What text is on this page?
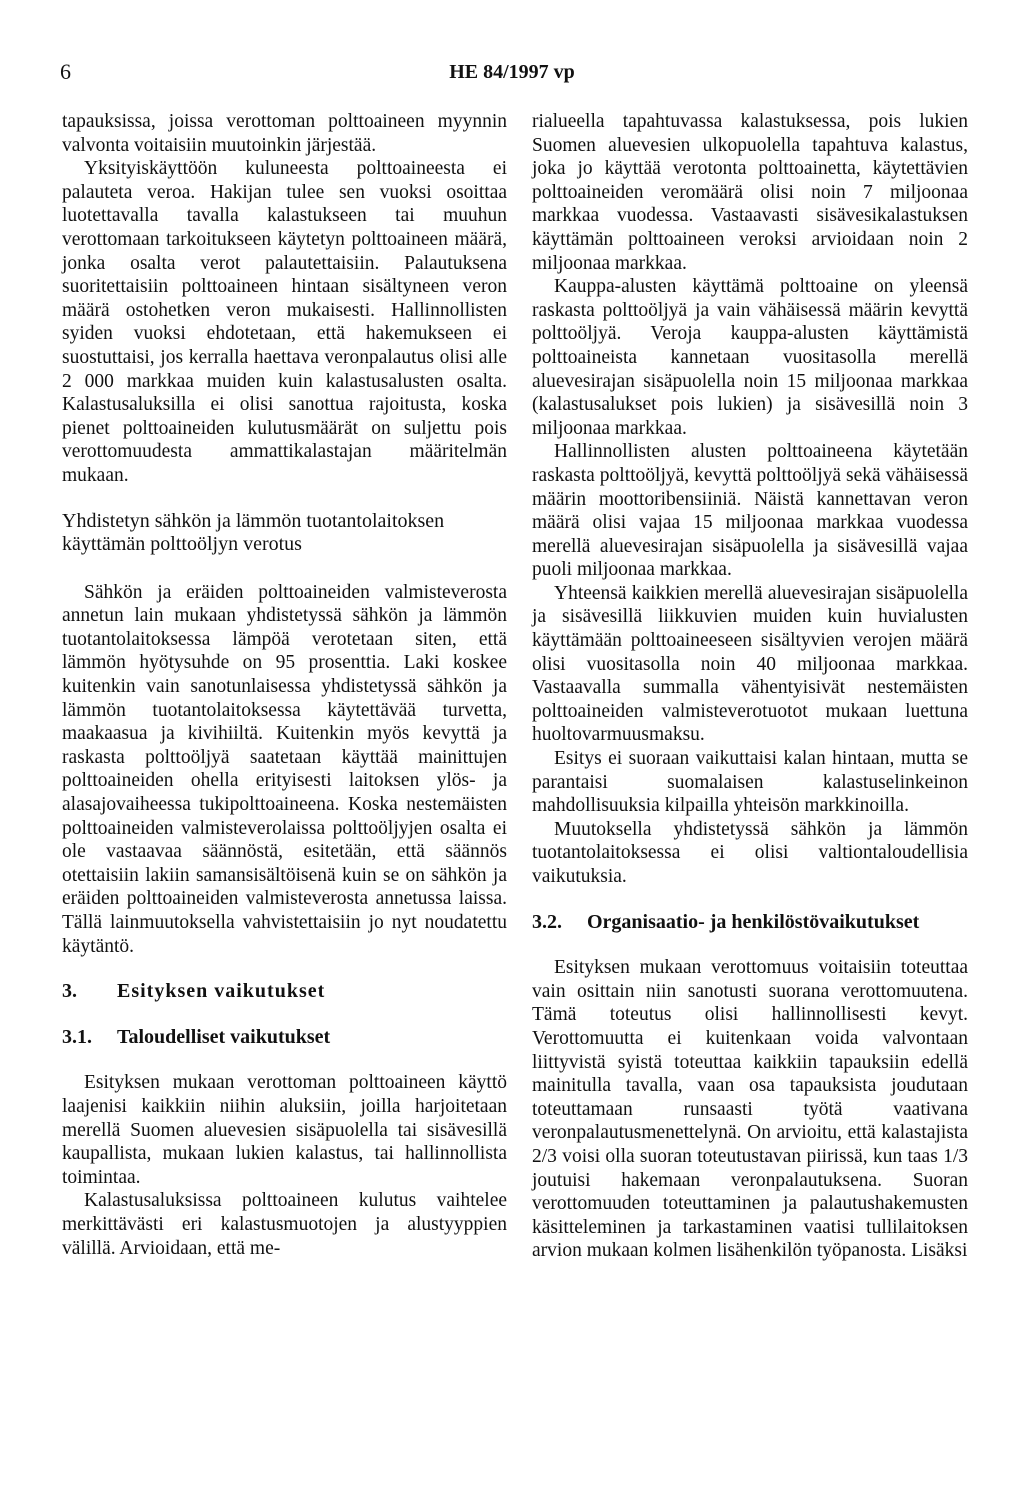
6	HE 84/1997 vp

tapauksissa, joissa verottoman polttoaineen myynnin valvonta voitaisiin muutoinkin järjestää.

Yksityiskäyttöön kuluneesta polttoaineesta ei palauteta veroa. Hakijan tulee sen vuoksi osoittaa luotettavalla tavalla kalastukseen tai muuhun verottomaan tarkoitukseen käytetyn polttoaineen määrä, jonka osalta verot palautettaisiin. Palautuksena suoritettaisiin polttoaineen hintaan sisältyneen veron määrä ostohetken veron mukaisesti. Hallinnollisten syiden vuoksi ehdotetaan, että hakemukseen ei suostuttaisi, jos kerralla haettava veronpalautus olisi alle 2 000 markkaa muiden kuin kalastusalusten osalta. Kalastusaluksilla ei olisi sanottua rajoitusta, koska pienet polttoaineiden kulutusmäärät on suljettu pois verottomuudesta ammattikalastajan määritelmän mukaan.

Yhdistetyn sähkön ja lämmön tuotantolaitoksen käyttämän polttoöljyn verotus

Sähkön ja eräiden polttoaineiden valmisteverosta annetun lain mukaan yhdistetyssä sähkön ja lämmön tuotantolaitoksessa lämpöä verotetaan siten, että lämmön hyötysuhde on 95 prosenttia. Laki koskee kuitenkin vain sanotunlaisessa yhdistetyssä sähkön ja lämmön tuotantolaitoksessa käytettävää turvetta, maakaasua ja kivihiiltä. Kuitenkin myös kevyttä ja raskasta polttoöljyä saatetaan käyttää mainittujen polttoaineiden ohella erityisesti laitoksen ylös- ja alasajovaiheessa tukipolttoaineena. Koska nestemäisten polttoaineiden valmisteverolaissa polttoöljyjen osalta ei ole vastaavaa säännöstä, esitetään, että säännös otettaisiin lakiin samansisältöisenä kuin se on sähkön ja eräiden polttoaineiden valmisteverosta annetussa laissa. Tällä lainmuutoksella vahvistettaisiin jo nyt noudatettu käytäntö.

3. Esityksen vaikutukset
3.1. Taloudelliset vaikutukset

Esityksen mukaan verottoman polttoaineen käyttö laajenisi kaikkiin niihin aluksiin, joilla harjoitetaan merellä Suomen aluevesien sisäpuolella tai sisävesillä kaupallista, mukaan lukien kalastus, tai hallinnollista toimintaa.

Kalastusaluksissa polttoaineen kulutus vaihtelee merkittävästi eri kalastusmuotojen ja alustyyppien välillä. Arvioidaan, että me-

rialueella tapahtuvassa kalastuksessa, pois lukien Suomen aluevesien ulkopuolella tapahtuva kalastus, joka jo käyttää verotonta polttoainetta, käytettävien polttoaineiden veromäärä olisi noin 7 miljoonaa markkaa vuodessa. Vastaavasti sisävesikalastuksen käyttämän polttoaineen veroksi arvioidaan noin 2 miljoonaa markkaa.

Kauppa-alusten käyttämä polttoaine on yleensä raskasta polttoöljyä ja vain vähäisessä määrin kevyttä polttoöljyä. Veroja kauppa-alusten käyttämistä polttoaineista kannetaan vuositasolla merellä aluevesirajan sisäpuolella noin 15 miljoonaa markkaa (kalastusalukset pois lukien) ja sisävesillä noin 3 miljoonaa markkaa.

Hallinnollisten alusten polttoaineena käytetään raskasta polttoöljyä, kevyttä polttoöljyä sekä vähäisessä määrin moottoribensiiniä. Näistä kannettavan veron määrä olisi vajaa 15 miljoonaa markkaa vuodessa merellä aluevesirajan sisäpuolella ja sisävesillä vajaa puoli miljoonaa markkaa.

Yhteensä kaikkien merellä aluevesirajan sisäpuolella ja sisävesillä liikkuvien muiden kuin huvialusten käyttämään polttoaineeseen sisältyvien verojen määrä olisi vuositasolla noin 40 miljoonaa markkaa. Vastaavalla summalla vähentyisivät nestemäisten polttoaineiden valmisteverotuotot mukaan luettuna huoltovarmuusmaksu.

Esitys ei suoraan vaikuttaisi kalan hintaan, mutta se parantaisi suomalaisen kalastuselinkeinon mahdollisuuksia kilpailla yhteisön markkinoilla.

Muutoksella yhdistetyssä sähkön ja lämmön tuotantolaitoksessa ei olisi valtiontaloudellisia vaikutuksia.

3.2. Organisaatio- ja henkilöstövaikutukset

Esityksen mukaan verottomuus voitaisiin toteuttaa vain osittain niin sanotusti suorana verottomuutena. Tämä toteutus olisi hallinnollisesti kevyt. Verottomuutta ei kuitenkaan voida valvontaan liittyvistä syistä toteuttaa kaikkiin tapauksiin edellä mainitulla tavalla, vaan osa tapauksista joudutaan toteuttamaan runsaasti työtä vaativana veronpalautusmenettelynä. On arvioitu, että kalastajista 2/3 voisi olla suoran toteutustavan piirissä, kun taas 1/3 joutuisi hakemaan veronpalautuksena. Suoran verottomuuden toteuttaminen ja palautushakemusten käsitteleminen ja tarkastaminen vaatisi tullilaitoksen arvion mukaan kolmen lisähenkilön työpanosta. Lisäksi
